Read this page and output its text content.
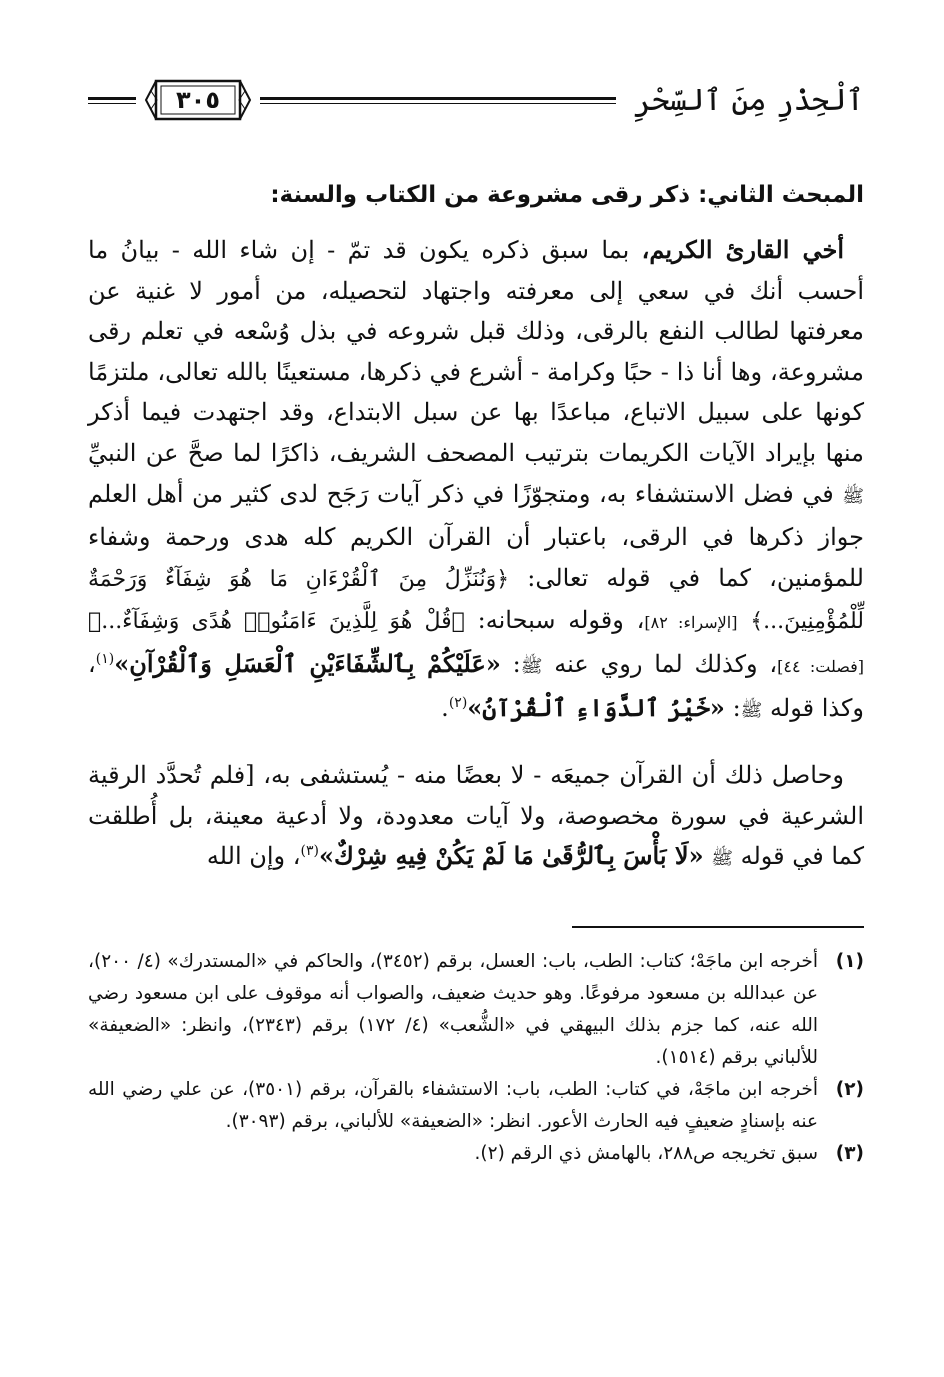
ٱلْحِذْرِ مِنَ ٱلسِّحْرِ
٣٠٥
المبحث الثاني: ذكر رقى مشروعة من الكتاب والسنة:

أخي القارئ الكريم، بما سبق ذكره يكون قد تمّ - إن شاء الله - بيانُ ما أحسب أنك في سعي إلى معرفته واجتهاد لتحصيله، من أمور لا غنية عن معرفتها لطالب النفع بالرقى، وذلك قبل شروعه في بذل وُسْعه في تعلم رقى مشروعة، وها أنا ذا - حبًا وكرامة - أشرع في ذكرها، مستعينًا بالله تعالى، ملتزمًا كونها على سبيل الاتباع، مباعدًا بها عن سبل الابتداع، وقد اجتهدت فيما أذكر منها بإيراد الآيات الكريمات بترتيب المصحف الشريف، ذاكرًا لما صحَّ عن النبيِّ ﷺ في فضل الاستشفاء به، ومتجوّزًا في ذكر آيات رَجَح لدى كثير من أهل العلم جواز ذكرها في الرقى، باعتبار أن القرآن الكريم كله هدى ورحمة وشفاء للمؤمنين، كما في قوله تعالى: ﴿وَنُنَزِّلُ مِنَ ٱلْقُرْءَانِ مَا هُوَ شِفَآءٌ وَرَحْمَةٌ لِّلْمُؤْمِنِينَ...﴾ [الإسراء: ٨٢]، وقوله سبحانه: ﴿قُلْ هُوَ لِلَّذِينَ ءَامَنُوا۟ هُدًى وَشِفَآءٌ...﴾ [فصلت: ٤٤]، وكذلك لما روي عنه ﷺ: «عَلَيْكُمْ بِٱلشِّفَاءَيْنِ ٱلْعَسَلِ وَٱلْقُرْآنِ»$^{(١)}$، وكذا قوله ﷺ: «خَيْرُ ٱلدَّوَاءِ ٱلْقُرْآنُ»$^{(٢)}$.

وحاصل ذلك أن القرآن جميعَه - لا بعضًا منه - يُستشفى به، [فلم تُحدَّد الرقية الشرعية في سورة مخصوصة، ولا آيات معدودة، ولا أدعية معينة، بل أُطلقت كما في قوله ﷺ «لَا بَأْسَ بِٱلرُّقَىٰ مَا لَمْ يَكُنْ فِيهِ شِرْكٌ»$^{(٣)}$، وإن الله

(١)
أخرجه ابن ماجَهْ؛ كتاب: الطب، باب: العسل، برقم (٣٤٥٢)، والحاكم في «المستدرك» (٤/ ٢٠٠)، عن عبدالله بن مسعود مرفوعًا. وهو حديث ضعيف، والصواب أنه موقوف على ابن مسعود رضي الله عنه، كما جزم بذلك البيهقي في «الشُّعب» (٤/ ١٧٢) برقم (٢٣٤٣)، وانظر: «الضعيفة» للألباني برقم (١٥١٤).
(٢)
أخرجه ابن ماجَهْ، في كتاب: الطب، باب: الاستشفاء بالقرآن، برقم (٣٥٠١)، عن علي رضي الله عنه بإسنادٍ ضعيفٍ فيه الحارث الأعور. انظر: «الضعيفة» للألباني، برقم (٣٠٩٣).
(٣)
سبق تخريجه ص٢٨٨، بالهامش ذي الرقم (٢).
